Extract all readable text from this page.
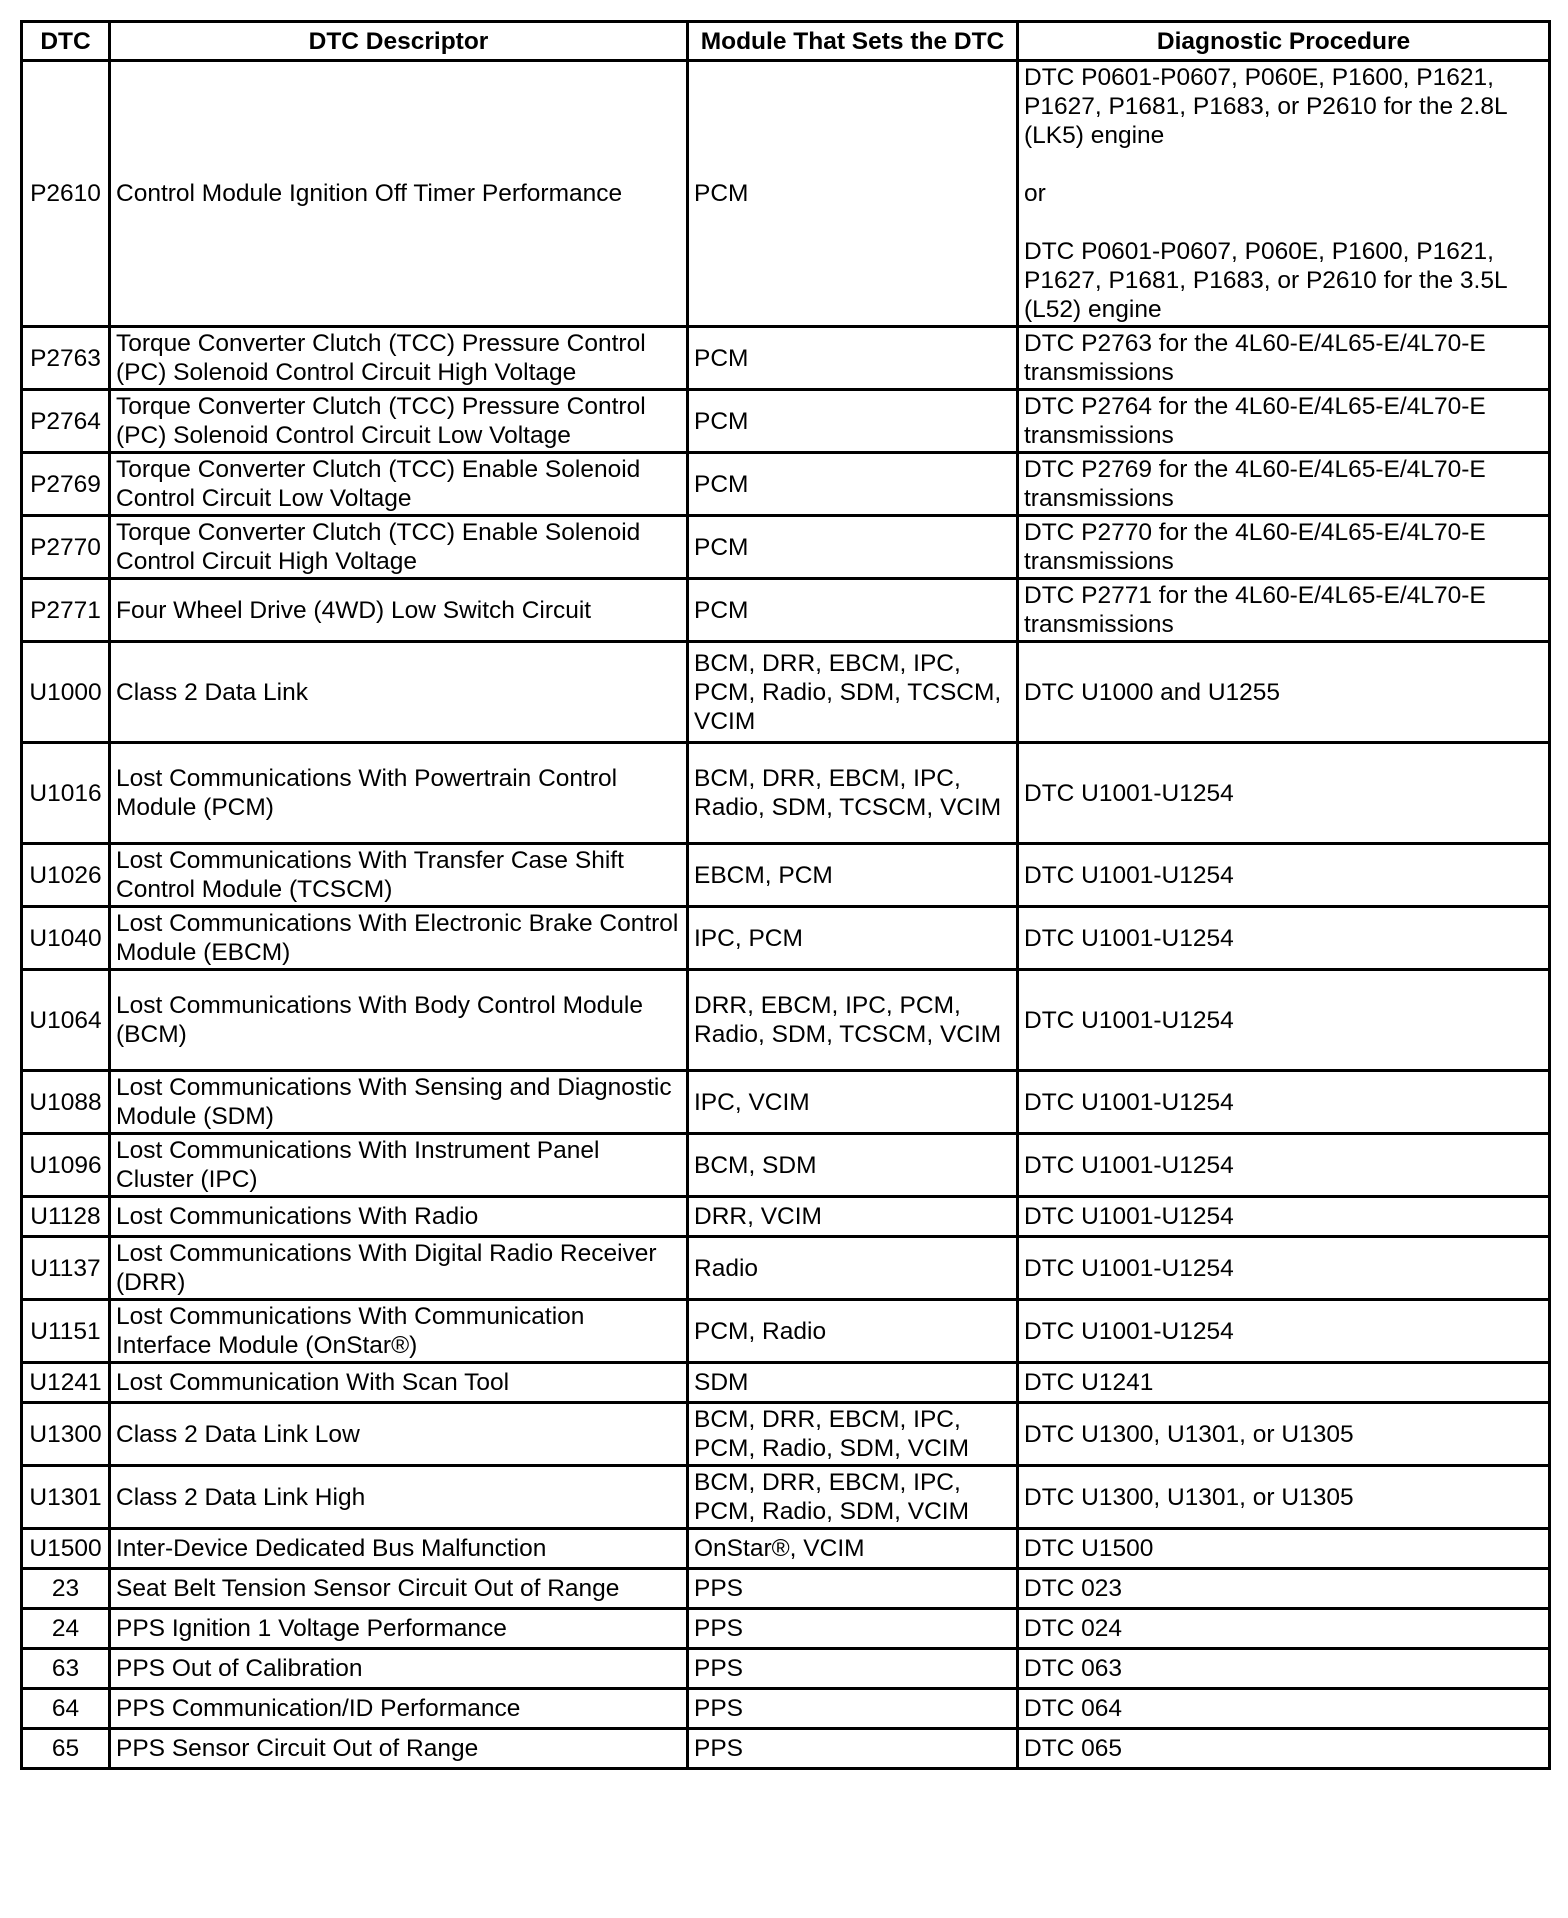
DTC	DTC Descriptor	Module That Sets the DTC	Diagnostic Procedure
P2610	Control Module Ignition Off Timer Performance	PCM	DTC P0601-P0607, P060E, P1600, P1621, P1627, P1681, P1683, or P2610 for the 2.8L (LK5) engine

or

DTC P0601-P0607, P060E, P1600, P1621, P1627, P1681, P1683, or P2610 for the 3.5L (L52) engine
P2763	Torque Converter Clutch (TCC) Pressure Control (PC) Solenoid Control Circuit High Voltage	PCM	DTC P2763 for the 4L60-E/4L65-E/4L70-E transmissions
P2764	Torque Converter Clutch (TCC) Pressure Control (PC) Solenoid Control Circuit Low Voltage	PCM	DTC P2764 for the 4L60-E/4L65-E/4L70-E transmissions
P2769	Torque Converter Clutch (TCC) Enable Solenoid Control Circuit Low Voltage	PCM	DTC P2769 for the 4L60-E/4L65-E/4L70-E transmissions
P2770	Torque Converter Clutch (TCC) Enable Solenoid Control Circuit High Voltage	PCM	DTC P2770 for the 4L60-E/4L65-E/4L70-E transmissions
P2771	Four Wheel Drive (4WD) Low Switch Circuit	PCM	DTC P2771 for the 4L60-E/4L65-E/4L70-E transmissions
U1000	Class 2 Data Link	BCM, DRR, EBCM, IPC, PCM, Radio, SDM, TCSCM, VCIM	DTC U1000 and U1255
U1016	Lost Communications With Powertrain Control Module (PCM)	BCM, DRR, EBCM, IPC, Radio, SDM, TCSCM, VCIM	DTC U1001-U1254
U1026	Lost Communications With Transfer Case Shift Control Module (TCSCM)	EBCM, PCM	DTC U1001-U1254
U1040	Lost Communications With Electronic Brake Control Module (EBCM)	IPC, PCM	DTC U1001-U1254
U1064	Lost Communications With Body Control Module (BCM)	DRR, EBCM, IPC, PCM, Radio, SDM, TCSCM, VCIM	DTC U1001-U1254
U1088	Lost Communications With Sensing and Diagnostic Module (SDM)	IPC, VCIM	DTC U1001-U1254
U1096	Lost Communications With Instrument Panel Cluster (IPC)	BCM, SDM	DTC U1001-U1254
U1128	Lost Communications With Radio	DRR, VCIM	DTC U1001-U1254
U1137	Lost Communications With Digital Radio Receiver (DRR)	Radio	DTC U1001-U1254
U1151	Lost Communications With Communication Interface Module (OnStar®)	PCM, Radio	DTC U1001-U1254
U1241	Lost Communication With Scan Tool	SDM	DTC U1241
U1300	Class 2 Data Link Low	BCM, DRR, EBCM, IPC, PCM, Radio, SDM, VCIM	DTC U1300, U1301, or U1305
U1301	Class 2 Data Link High	BCM, DRR, EBCM, IPC, PCM, Radio, SDM, VCIM	DTC U1300, U1301, or U1305
U1500	Inter-Device Dedicated Bus Malfunction	OnStar®, VCIM	DTC U1500
23	Seat Belt Tension Sensor Circuit Out of Range	PPS	DTC 023
24	PPS Ignition 1 Voltage Performance	PPS	DTC 024
63	PPS Out of Calibration	PPS	DTC 063
64	PPS Communication/ID Performance	PPS	DTC 064
65	PPS Sensor Circuit Out of Range	PPS	DTC 065
